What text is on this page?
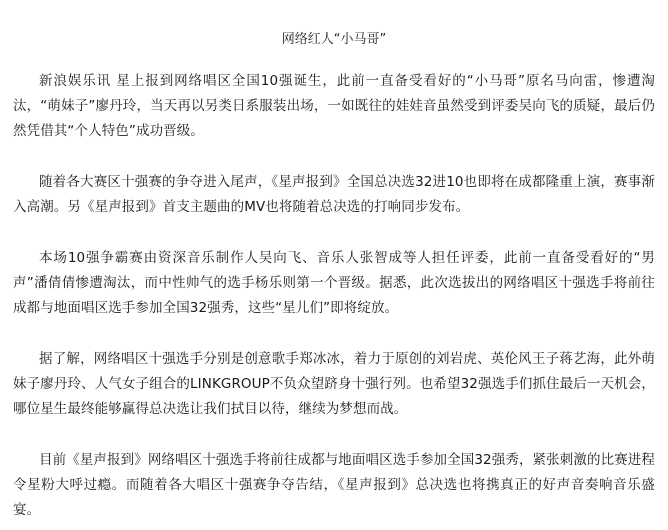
网络红人“小马哥”

新浪娱乐讯 星上报到网络唱区全国10强诞生，此前一直备受看好的“小马哥”原名马向雷，惨遭淘汰，“萌妹子”廖丹玲，当天再以另类日系服装出场，一如既往的娃娃音虽然受到评委吴向飞的质疑，最后仍然凭借其“个人特色”成功晋级。

随着各大赛区十强赛的争夺进入尾声，《星声报到》全国总决选32进10也即将在成都隆重上演，赛事渐入高潮。另《星声报到》首支主题曲的MV也将随着总决选的打响同步发布。

本场10强争霸赛由资深音乐制作人吴向飞、音乐人张智成等人担任评委，此前一直备受看好的“男声”潘倩倩惨遭淘汰，而中性帅气的选手杨乐则第一个晋级。据悉，此次选拔出的网络唱区十强选手将前往成都与地面唱区选手参加全国32强秀，这些“星儿们”即将绽放。

据了解，网络唱区十强选手分别是创意歌手郑冰冰，着力于原创的刘岩虎、英伦风王子蒋艺海，此外萌妹子廖丹玲、人气女子组合的LINKGROUP不负众望跻身十强行列。也希望32强选手们抓住最后一天机会，哪位星生最终能够赢得总决选让我们拭目以待，继续为梦想而战。

目前《星声报到》网络唱区十强选手将前往成都与地面唱区选手参加全国32强秀，紧张刺激的比赛进程令星粉大呼过瘾。而随着各大唱区十强赛争夺告结，《星声报到》总决选也将携真正的好声音奏响音乐盛宴。
